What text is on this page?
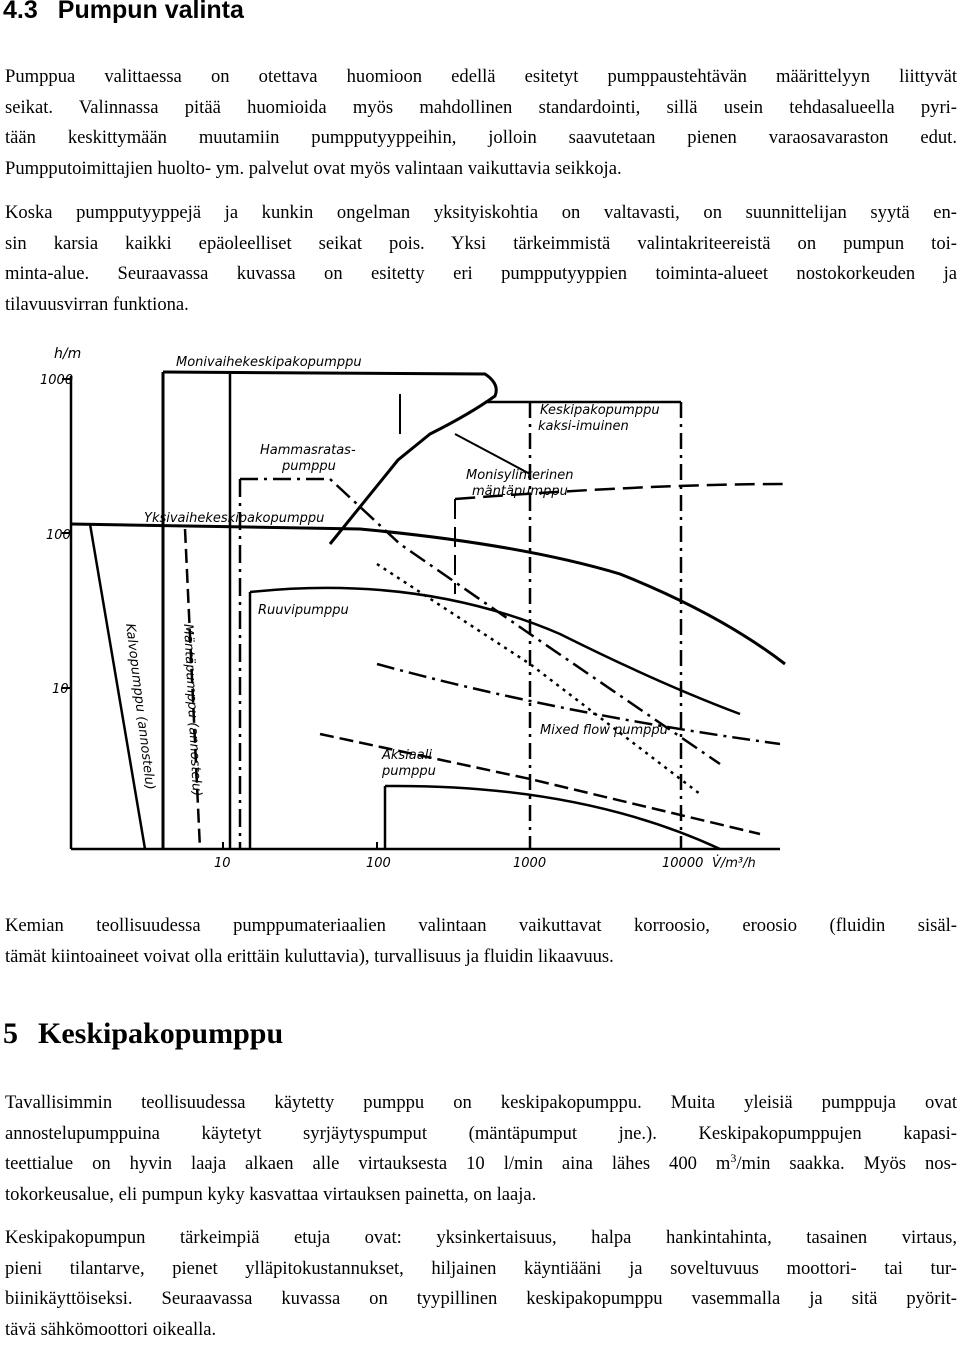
4.3 Pumpun valinta

Pumppua valittaessa on otettava huomioon edellä esitetyt pumppaustehtävän määrittelyyn liittyvät
seikat. Valinnassa pitää huomioida myös mahdollinen standardointi, sillä usein tehdasalueella pyri-
tään keskittymään muutamiin pumpputyyppeihin, jolloin saavutetaan pienen varaosavaraston edut.
Pumpputoimittajien huolto- ym. palvelut ovat myös valintaan vaikuttavia seikkoja.

Koska pumpputyyppejä ja kunkin ongelman yksityiskohtia on valtavasti, on suunnittelijan syytä en-
sin karsia kaikki epäoleelliset seikat pois. Yksi tärkeimmistä valintakriteereistä on pumpun toi-
minta-alue. Seuraavassa kuvassa on esitetty eri pumpputyyppien toiminta-alueet nostokorkeuden ja
tilavuusvirran funktiona.

h/m
1000
100
10
10	100	1000	10000 V̇/m³/h
Monivaihekeskipakopumppu
Keskipakopumppu
kaksi-imuinen
Hammasratas-
pumppu
Monisylinterinen
mäntäpumppu
Yksivaihekeskipakopumppu
Ruuvipumppu
Kalvopumppu (annostelu) Mäntäpumppu (annostelu)	Mixed flow pumppu
Aksiaali
pumppu

Kemian teollisuudessa pumppumateriaalien valintaan vaikuttavat korroosio, eroosio (fluidin sisäl-
tämät kiintoaineet voivat olla erittäin kuluttavia), turvallisuus ja fluidin likaavuus.

5 Keskipakopumppu

Tavallisimmin teollisuudessa käytetty pumppu on keskipakopumppu. Muita yleisiä pumppuja ovat
annostelupumppuina käytetyt syrjäytyspumput (mäntäpumput jne.). Keskipakopumppujen kapasi-
teettialue on hyvin laaja alkaen alle virtauksesta 10 l/min aina lähes 400 $m^3/\min$ saakka. Myös nos-
tokorkeusalue, eli pumpun kyky kasvattaa virtauksen painetta, on laaja.

Keskipakopumpun tärkeimpiä etuja ovat: yksinkertaisuus, halpa hankintahinta, tasainen virtaus,
pieni tilantarve, pienet ylläpitokustannukset, hiljainen käyntiääni ja soveltuvuus moottori- tai tur-
biinikäyttöiseksi. Seuraavassa kuvassa on tyypillinen keskipakopumppu vasemmalla ja sitä pyörit-
tävä sähkömoottori oikealla.
